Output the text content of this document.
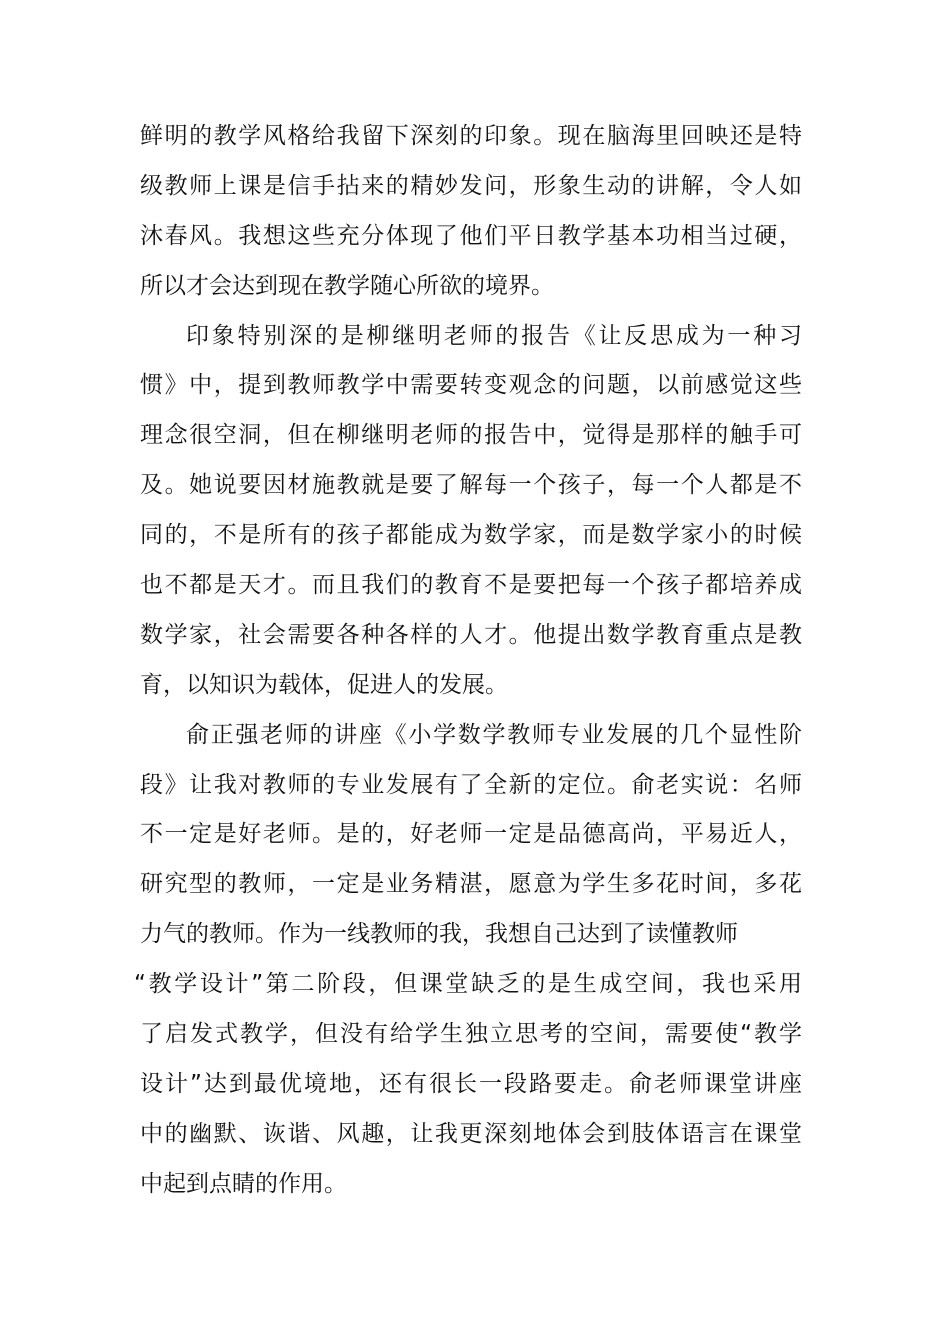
鲜明的教学风格给我留下深刻的印象。现在脑海里回映还是特
级教师上课是信手拈来的精妙发问，形象生动的讲解，令人如
沐春风。我想这些充分体现了他们平日教学基本功相当过硬，
所以才会达到现在教学随心所欲的境界。
印象特别深的是柳继明老师的报告《让反思成为一种习
惯》中，提到教师教学中需要转变观念的问题，以前感觉这些
理念很空洞，但在柳继明老师的报告中，觉得是那样的触手可
及。她说要因材施教就是要了解每一个孩子，每一个人都是不
同的，不是所有的孩子都能成为数学家，而是数学家小的时候
也不都是天才。而且我们的教育不是要把每一个孩子都培养成
数学家，社会需要各种各样的人才。他提出数学教育重点是教
育，以知识为载体，促进人的发展。
俞正强老师的讲座《小学数学教师专业发展的几个显性阶
段》让我对教师的专业发展有了全新的定位。俞老实说：名师
不一定是好老师。是的，好老师一定是品德高尚，平易近人，
研究型的教师，一定是业务精湛，愿意为学生多花时间，多花
力气的教师。作为一线教师的我，我想自己达到了读懂教师
“教学设计”第二阶段，但课堂缺乏的是生成空间，我也采用
了启发式教学，但没有给学生独立思考的空间，需要使“教学
设计”达到最优境地，还有很长一段路要走。俞老师课堂讲座
中的幽默、诙谐、风趣，让我更深刻地体会到肢体语言在课堂
中起到点睛的作用。
